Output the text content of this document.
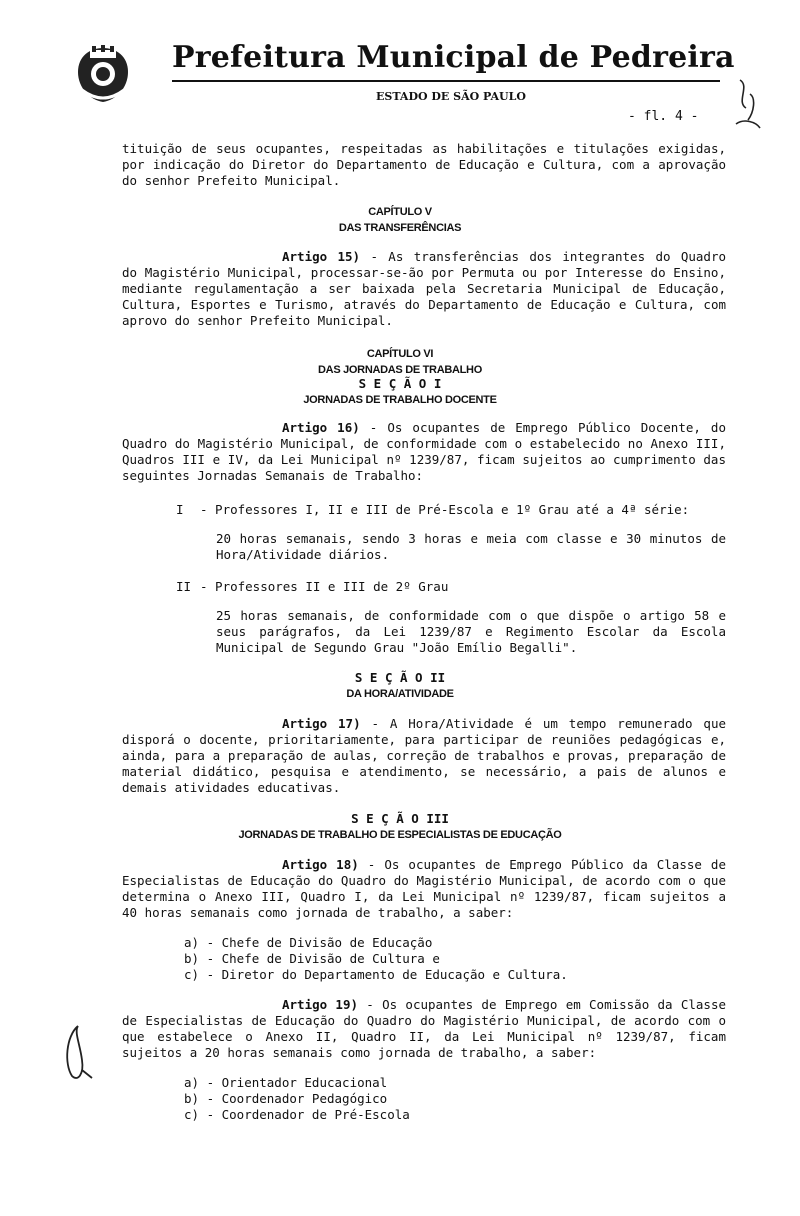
Prefeitura Municipal de Pedreira
ESTADO DE SÃO PAULO
- fl. 4 -
tituição de seus ocupantes, respeitadas as habilitações e titulações exigidas, por indicação do Diretor do Departamento de Educação e Cultura, com a aprovação do senhor Prefeito Municipal.
CAPÍTULO V
DAS TRANSFERÊNCIAS
Artigo 15) - As transferências dos integrantes do Quadro do Magistério Municipal, processar-se-ão por Permuta ou por Interesse do Ensino, mediante regulamentação a ser baixada pela Secretaria Municipal de Educação, Cultura, Esportes e Turismo, através do Departamento de Educação e Cultura, com aprovo do senhor Prefeito Municipal.
CAPÍTULO VI
DAS JORNADAS DE TRABALHO
S E Ç Ã O I
JORNADAS DE TRABALHO DOCENTE
Artigo 16) - Os ocupantes de Emprego Público Docente, do Quadro do Magistério Municipal, de conformidade com o estabelecido no Anexo III, Quadros III e IV, da Lei Municipal nº 1239/87, ficam sujeitos ao cumprimento das seguintes Jornadas Semanais de Trabalho:
I - Professores I, II e III de Pré-Escola e 1º Grau até a 4ª série:
20 horas semanais, sendo 3 horas e meia com classe e 30 minutos de Hora/Atividade diários.
II - Professores II e III de 2º Grau
25 horas semanais, de conformidade com o que dispõe o artigo 58 e seus parágrafos, da Lei 1239/87 e Regimento Escolar da Escola Municipal de Segundo Grau "João Emílio Begalli".
S E Ç Ã O II
DA HORA/ATIVIDADE
Artigo 17) - A Hora/Atividade é um tempo remunerado que disporá o docente, prioritariamente, para participar de reuniões pedagógicas e, ainda, para a preparação de aulas, correção de trabalhos e provas, preparação de material didático, pesquisa e atendimento, se necessário, a pais de alunos e demais atividades educativas.
S E Ç Ã O III
JORNADAS DE TRABALHO DE ESPECIALISTAS DE EDUCAÇÃO
Artigo 18) - Os ocupantes de Emprego Público da Classe de Especialistas de Educação do Quadro do Magistério Municipal, de acordo com o que determina o Anexo III, Quadro I, da Lei Municipal nº 1239/87, ficam sujeitos a 40 horas semanais como jornada de trabalho, a saber:
a) - Chefe de Divisão de Educação
b) - Chefe de Divisão de Cultura e
c) - Diretor do Departamento de Educação e Cultura.
Artigo 19) - Os ocupantes de Emprego em Comissão da Classe de Especialistas de Educação do Quadro do Magistério Municipal, de acordo com o que estabelece o Anexo II, Quadro II, da Lei Municipal nº 1239/87, ficam sujeitos a 20 horas semanais como jornada de trabalho, a saber:
a) - Orientador Educacional
b) - Coordenador Pedagógico
c) - Coordenador de Pré-Escola
